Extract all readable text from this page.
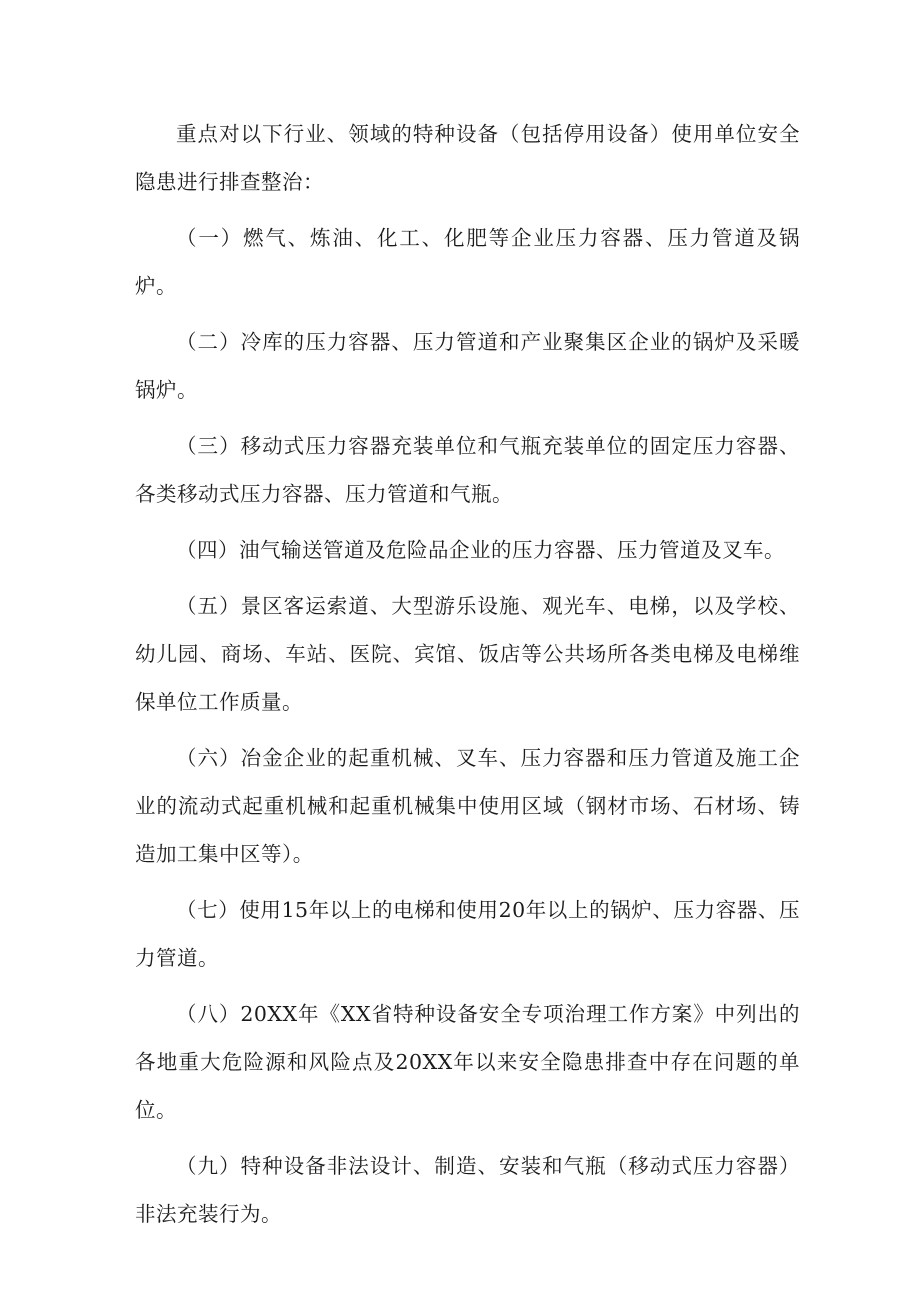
重点对以下行业、领域的特种设备（包括停用设备）使用单位安全隐患进行排查整治：

（一）燃气、炼油、化工、化肥等企业压力容器、压力管道及锅炉。

（二）冷库的压力容器、压力管道和产业聚集区企业的锅炉及采暖锅炉。

（三）移动式压力容器充装单位和气瓶充装单位的固定压力容器、各类移动式压力容器、压力管道和气瓶。

（四）油气输送管道及危险品企业的压力容器、压力管道及叉车。

（五）景区客运索道、大型游乐设施、观光车、电梯，以及学校、幼儿园、商场、车站、医院、宾馆、饭店等公共场所各类电梯及电梯维保单位工作质量。

（六）冶金企业的起重机械、叉车、压力容器和压力管道及施工企业的流动式起重机械和起重机械集中使用区域（钢材市场、石材场、铸造加工集中区等）。

（七）使用15年以上的电梯和使用20年以上的锅炉、压力容器、压力管道。

（八）20XX年《XX省特种设备安全专项治理工作方案》中列出的各地重大危险源和风险点及20XX年以来安全隐患排查中存在问题的单位。

（九）特种设备非法设计、制造、安装和气瓶（移动式压力容器）非法充装行为。
